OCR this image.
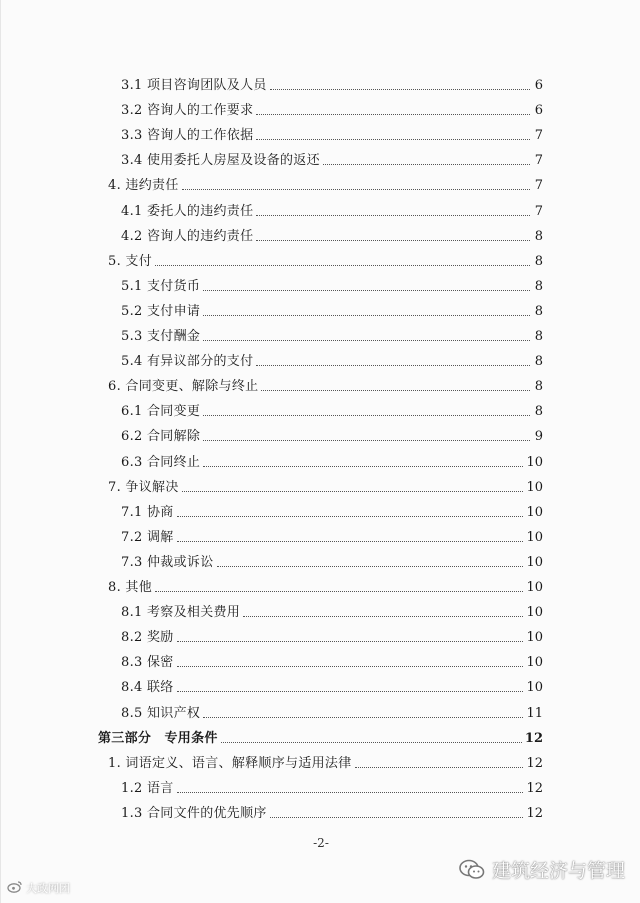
3.1 项目咨询团队及人员	6
3.2 咨询人的工作要求	6
3.3 咨询人的工作依据	7
3.4 使用委托人房屋及设备的返还	7
4. 违约责任	7
4.1 委托人的违约责任	7
4.2 咨询人的违约责任	8
5. 支付	8
5.1 支付货币	8
5.2 支付申请	8
5.3 支付酬金	8
5.4 有异议部分的支付	8
6. 合同变更、解除与终止	8
6.1 合同变更	8
6.2 合同解除	9
6.3 合同终止	10
7. 争议解决	10
7.1 协商	10
7.2 调解	10
7.3 仲裁或诉讼	10
8. 其他	10
8.1 考察及相关费用	10
8.2 奖励	10
8.3 保密	10
8.4 联络	10
8.5 知识产权	11
第三部分　专用条件	12
1. 词语定义、语言、解释顺序与适用法律	12
1.2 语言	12
1.3 合同文件的优先顺序	12
-2-
建筑经济与管理
大政网团
